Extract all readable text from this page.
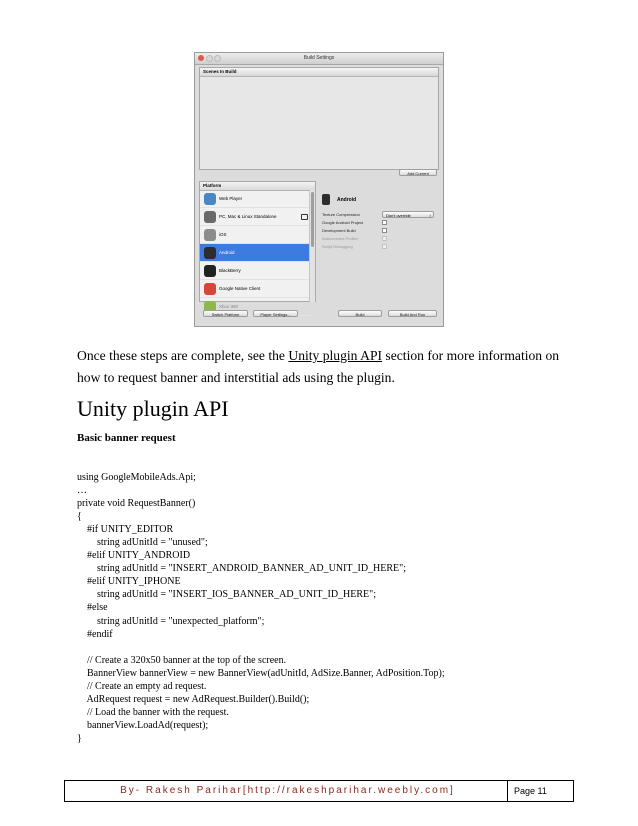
Build Settings
Scenes In Build
Add Current
Platform
Web Player
PC, Mac & Linux Standalone
iOS
Android
BlackBerry
Google Native Client
Xbox 360
Android
Texture Compression	Don't override	↕
Google Android Project
Development Build
Autoconnect Profiler
Script Debugging
Switch Platform	Player Settings...	Build	Build And Run

Once these steps are complete, see the Unity plugin API section for more information on how to request banner and interstitial ads using the plugin.

Unity plugin API
Basic banner request
using GoogleMobileAds.Api;
…
private void RequestBanner()
{
#if UNITY_EDITOR
string adUnitId = "unused";
#elif UNITY_ANDROID
string adUnitId = "INSERT_ANDROID_BANNER_AD_UNIT_ID_HERE";
#elif UNITY_IPHONE
string adUnitId = "INSERT_IOS_BANNER_AD_UNIT_ID_HERE";
#else
string adUnitId = "unexpected_platform";
#endif
// Create a 320x50 banner at the top of the screen.
BannerView bannerView = new BannerView(adUnitId, AdSize.Banner, AdPosition.Top);
// Create an empty ad request.
AdRequest request = new AdRequest.Builder().Build();
// Load the banner with the request.
bannerView.LoadAd(request);
}
By- Rakesh Parihar[http://rakeshparihar.weebly.com]	Page 11
